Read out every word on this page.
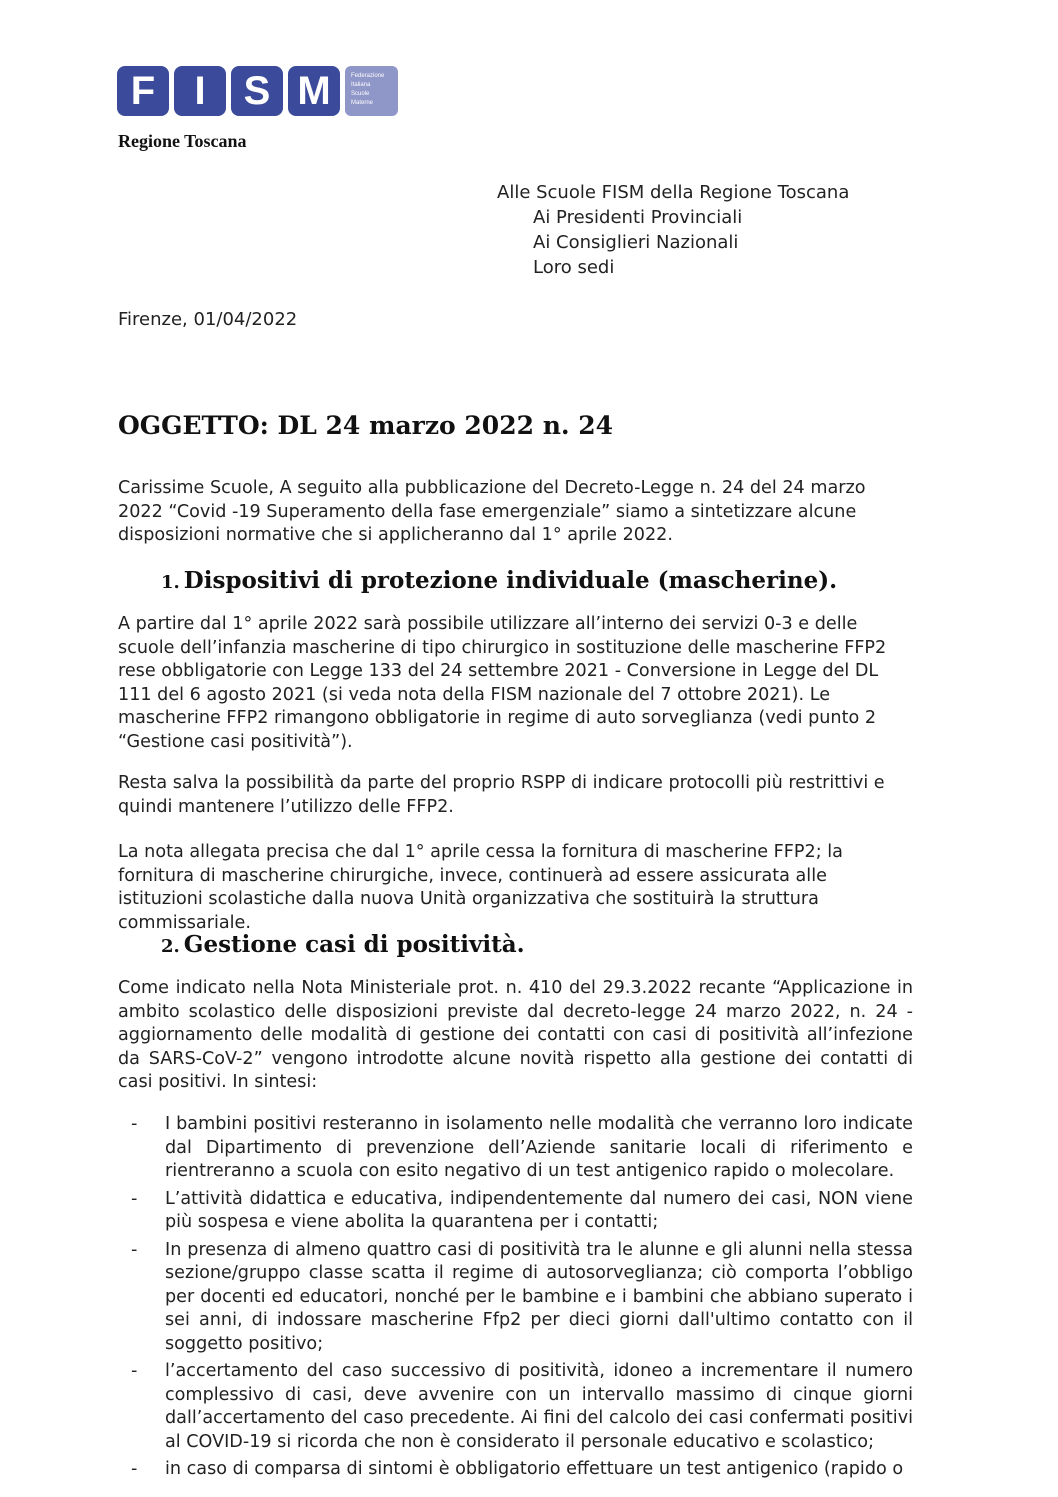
F I S M	Federazione
Italiana
Scuole
Materne
Regione Toscana
Alle Scuole FISM della Regione Toscana
Ai Presidenti Provinciali
Ai Consiglieri Nazionali
Loro sedi
Firenze, 01/04/2022
OGGETTO: DL 24 marzo 2022 n. 24

Carissime Scuole, A seguito alla pubblicazione del Decreto-Legge n. 24 del 24 marzo 2022 “Covid -19 Superamento della fase emergenziale” siamo a sintetizzare alcune disposizioni normative che si applicheranno dal 1° aprile 2022.

1. Dispositivi di protezione individuale (mascherine).

A partire dal 1° aprile 2022 sarà possibile utilizzare all’interno dei servizi 0-3 e delle scuole dell’infanzia mascherine di tipo chirurgico in sostituzione delle mascherine FFP2 rese obbligatorie con Legge 133 del 24 settembre 2021 - Conversione in Legge del DL 111 del 6 agosto 2021 (si veda nota della FISM nazionale del 7 ottobre 2021). Le mascherine FFP2 rimangono obbligatorie in regime di auto sorveglianza (vedi punto 2 “Gestione casi positività”).

Resta salva la possibilità da parte del proprio RSPP di indicare protocolli più restrittivi e quindi mantenere l’utilizzo delle FFP2.

La nota allegata precisa che dal 1° aprile cessa la fornitura di mascherine FFP2; la fornitura di mascherine chirurgiche, invece, continuerà ad essere assicurata alle istituzioni scolastiche dalla nuova Unità organizzativa che sostituirà la struttura commissariale.

2. Gestione casi di positività.

Come indicato nella Nota Ministeriale prot. n. 410 del 29.3.2022 recante “Applicazione in ambito scolastico delle disposizioni previste dal decreto-legge 24 marzo 2022, n. 24 - aggiornamento delle modalità di gestione dei contatti con casi di positività all’infezione da SARS-CoV-2” vengono introdotte alcune novità rispetto alla gestione dei contatti di casi positivi. In sintesi:

- I bambini positivi resteranno in isolamento nelle modalità che verranno loro indicate dal Dipartimento di prevenzione dell’Aziende sanitarie locali di riferimento e rientreranno a scuola con esito negativo di un test antigenico rapido o molecolare.
- L’attività didattica e educativa, indipendentemente dal numero dei casi, NON viene più sospesa e viene abolita la quarantena per i contatti;
- In presenza di almeno quattro casi di positività tra le alunne e gli alunni nella stessa sezione/gruppo classe scatta il regime di autosorveglianza; ciò comporta l’obbligo per docenti ed educatori, nonché per le bambine e i bambini che abbiano superato i sei anni, di indossare mascherine Ffp2 per dieci giorni dall'ultimo contatto con il soggetto positivo;
- l’accertamento del caso successivo di positività, idoneo a incrementare il numero complessivo di casi, deve avvenire con un intervallo massimo di cinque giorni dall’accertamento del caso precedente. Ai fini del calcolo dei casi confermati positivi al COVID-19 si ricorda che non è considerato il personale educativo e scolastico;
- in caso di comparsa di sintomi è obbligatorio effettuare un test antigenico (rapido o
